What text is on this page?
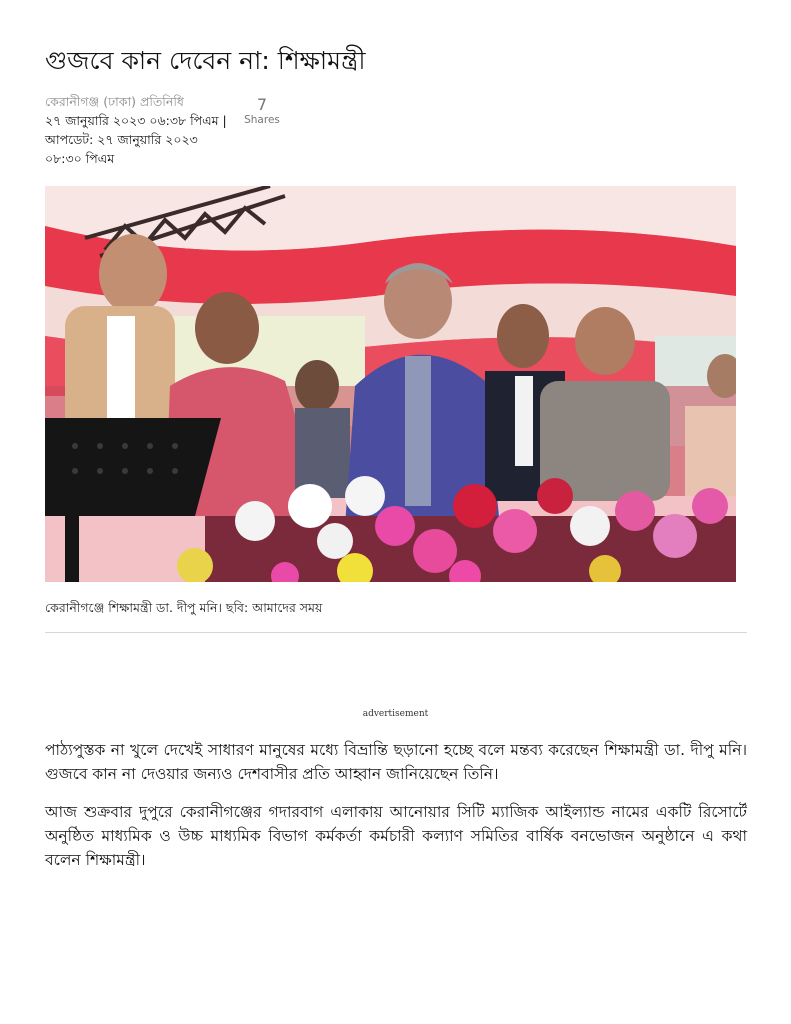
গুজবে কান দেবেন না: শিক্ষামন্ত্রী
কেরানীগঞ্জ (ঢাকা) প্রতিনিধি
২৭ জানুয়ারি ২০২৩ ০৬:৩৮ পিএম | আপডেট: ২৭ জানুয়ারি ২০২৩ ০৮:৩০ পিএম
7
Shares
কেরানীগঞ্জে শিক্ষামন্ত্রী ডা. দীপু মনি। ছবি: আমাদের সময়
advertisement

পাঠ্যপুস্তক না খুলে দেখেই সাধারণ মানুষের মধ্যে বিভ্রান্তি ছড়ানো হচ্ছে বলে মন্তব্য করেছেন শিক্ষামন্ত্রী ডা. দীপু মনি। গুজবে কান না দেওয়ার জন্যও দেশবাসীর প্রতি আহ্বান জানিয়েছেন তিনি।

আজ শুক্রবার দুপুরে কেরানীগঞ্জের গদারবাগ এলাকায় আনোয়ার সিটি ম্যাজিক আইল্যান্ড নামের একটি রিসোর্টে অনুষ্ঠিত মাধ্যমিক ও উচ্চ মাধ্যমিক বিভাগ কর্মকর্তা কর্মচারী কল্যাণ সমিতির বার্ষিক বনভোজন অনুষ্ঠানে এ কথা বলেন শিক্ষামন্ত্রী।
